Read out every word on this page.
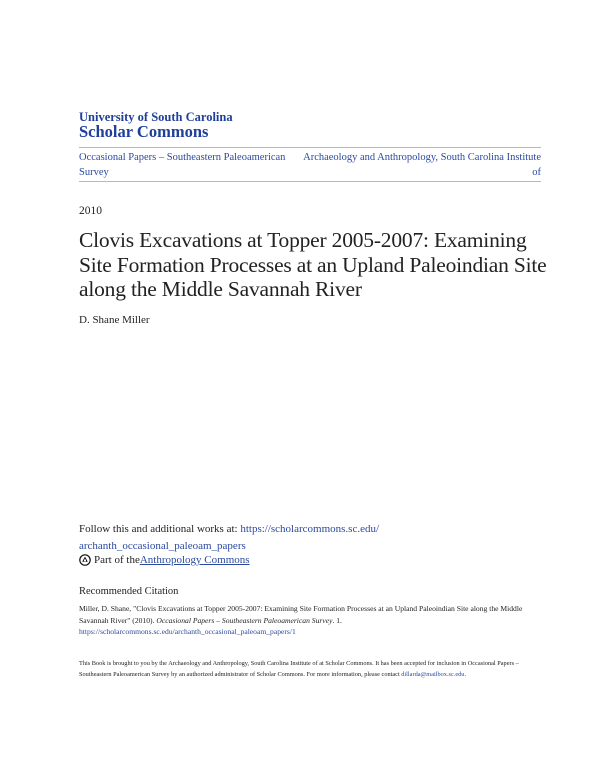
University of South Carolina
Scholar Commons
Occasional Papers – Southeastern Paleoamerican Survey
Archaeology and Anthropology, South Carolina Institute of
2010
Clovis Excavations at Topper 2005-2007: Examining Site Formation Processes at an Upland Paleoindian Site along the Middle Savannah River
D. Shane Miller
Follow this and additional works at: https://scholarcommons.sc.edu/
archanth_occasional_paleoam_papers
Part of the Anthropology Commons
Recommended Citation
Miller, D. Shane, "Clovis Excavations at Topper 2005-2007: Examining Site Formation Processes at an Upland Paleoindian Site along the Middle Savannah River" (2010). Occasional Papers – Southeastern Paleoamerican Survey. 1.
https://scholarcommons.sc.edu/archanth_occasional_paleoam_papers/1
This Book is brought to you by the Archaeology and Anthropology, South Carolina Institute of at Scholar Commons. It has been accepted for inclusion in Occasional Papers – Southeastern Paleoamerican Survey by an authorized administrator of Scholar Commons. For more information, please contact dillarda@mailbox.sc.edu.
